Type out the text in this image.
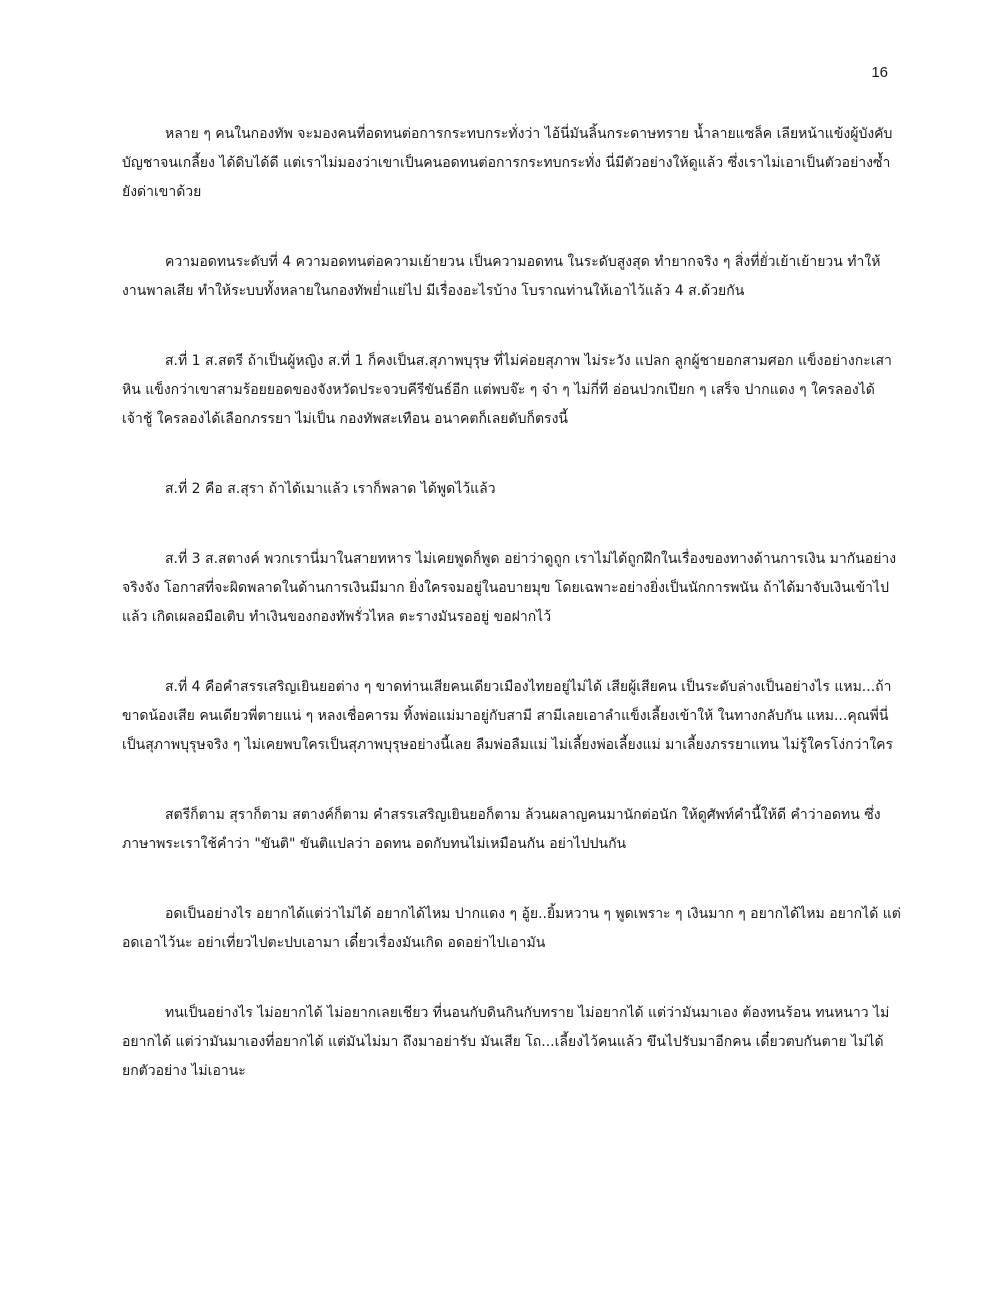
16

หลาย ๆ คนในกองทัพ จะมองคนที่อดทนต่อการกระทบกระทั่งว่า ไอ้นี่มันลิ้นกระดาษทราย น้ำลายแซล็ค เลียหน้าแข้งผู้บังคับบัญชาจนเกลี้ยง ได้ดิบได้ดี แต่เราไม่มองว่าเขาเป็นคนอดทนต่อการกระทบกระทั่ง นี่มีตัวอย่างให้ดูแล้ว ซึ่งเราไม่เอาเป็นตัวอย่างซ้ำยังด่าเขาด้วย

ความอดทนระดับที่ 4 ความอดทนต่อความเย้ายวน เป็นความอดทน ในระดับสูงสุด ทำยากจริง ๆ สิ่งที่ยั่วเย้าเย้ายวน ทำให้งานพาลเสีย ทำให้ระบบทั้งหลายในกองทัพย่ำแย่ไป มีเรื่องอะไรบ้าง โบราณท่านให้เอาไว้แล้ว 4 ส.ด้วยกัน

ส.ที่ 1 ส.สตรี ถ้าเป็นผู้หญิง ส.ที่ 1 ก็คงเป็นส.สุภาพบุรุษ ที่ไม่ค่อยสุภาพ ไม่ระวัง แปลก ลูกผู้ชายอกสามศอก แข็งอย่างกะเสาหิน แข็งกว่าเขาสามร้อยยอดของจังหวัดประจวบคีรีขันธ์อีก แต่พบจ๊ะ ๆ จ๋า ๆ ไม่กี่ที อ่อนปวกเปียก ๆ เสร็จ ปากแดง ๆ ใครลองได้เจ้าชู้ ใครลองได้เลือกภรรยา ไม่เป็น กองทัพสะเทือน อนาคตก็เลยดับก็ตรงนี้

ส.ที่ 2 คือ ส.สุรา ถ้าได้เมาแล้ว เราก็พลาด ได้พูดไว้แล้ว

ส.ที่ 3 ส.สตางค์ พวกเรานี่มาในสายทหาร ไม่เคยพูดก็พูด อย่าว่าดูถูก เราไม่ได้ถูกฝึกในเรื่องของทางด้านการเงิน มากันอย่างจริงจัง โอกาสที่จะผิดพลาดในด้านการเงินมีมาก ยิ่งใครจมอยู่ในอบายมุข โดยเฉพาะอย่างยิ่งเป็นนักการพนัน ถ้าได้มาจับเงินเข้าไปแล้ว เกิดเผลอมือเติบ ทำเงินของกองทัพรั่วไหล ตะรางมันรออยู่ ขอฝากไว้

ส.ที่ 4 คือคำสรรเสริญเยินยอต่าง ๆ ขาดท่านเสียคนเดียวเมืองไทยอยู่ไม่ได้ เสียผู้เสียคน เป็นระดับล่างเป็นอย่างไร แหม...ถ้าขาดน้องเสีย คนเดียวพี่ตายแน่ ๆ หลงเชื่อคารม ทิ้งพ่อแม่มาอยู่กับสามี สามีเลยเอาลำแข็งเลี้ยงเข้าให้ ในทางกลับกัน แหม...คุณพี่นี่ เป็นสุภาพบุรุษจริง ๆ ไม่เคยพบใครเป็นสุภาพบุรุษอย่างนี้เลย ลืมพ่อลืมแม่ ไม่เลี้ยงพ่อเลี้ยงแม่ มาเลี้ยงภรรยาแทน ไม่รู้ใครโง่กว่าใคร

สตรีก็ตาม สุราก็ตาม สตางค์ก็ตาม คำสรรเสริญเยินยอก็ตาม ล้วนผลาญคนมานักต่อนัก ให้ดูศัพท์คำนี้ให้ดี คำว่าอดทน ซึ่งภาษาพระเราใช้คำว่า "ขันติ" ขันติแปลว่า อดทน อดกับทนไม่เหมือนกัน อย่าไปปนกัน

อดเป็นอย่างไร อยากได้แต่ว่าไม่ได้ อยากได้ไหม ปากแดง ๆ อู้ย..ยิ้มหวาน ๆ พูดเพราะ ๆ เงินมาก ๆ อยากได้ไหม อยากได้ แต่อดเอาไว้นะ อย่าเที่ยวไปตะปบเอามา เดี๋ยวเรื่องมันเกิด อดอย่าไปเอามัน

ทนเป็นอย่างไร ไม่อยากได้ ไม่อยากเลยเชียว ที่นอนกับดินกินกับทราย ไม่อยากได้ แต่ว่ามันมาเอง ต้องทนร้อน ทนหนาว ไม่อยากได้ แต่ว่ามันมาเองที่อยากได้ แต่มันไม่มา ถึงมาอย่ารับ มันเสีย โถ...เลี้ยงไว้คนแล้ว ขึนไปรับมาอีกคน เดี๋ยวตบกันตาย ไม่ได้ ยกตัวอย่าง ไม่เอานะ
